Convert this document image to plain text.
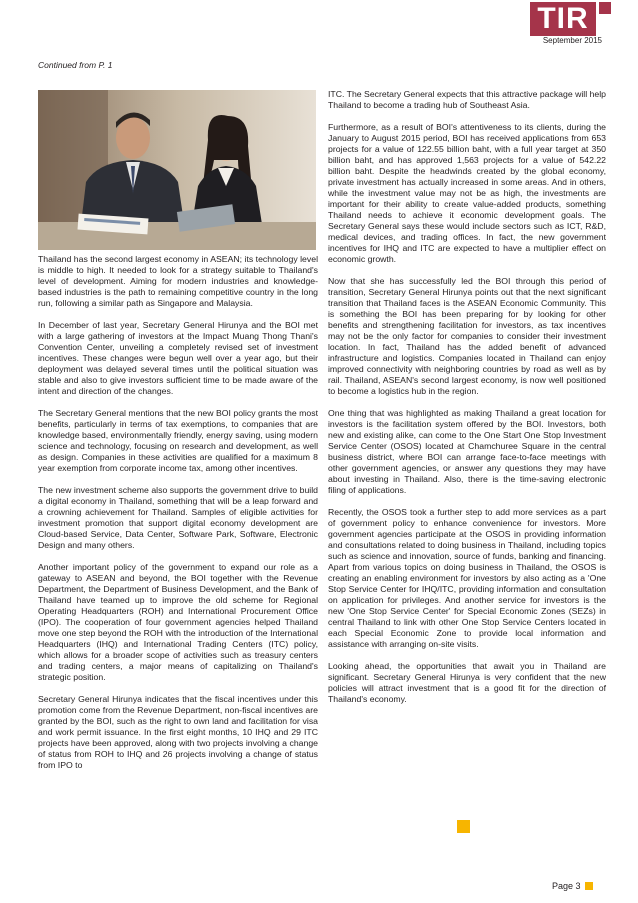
TIR
September 2015
Continued from P. 1

Thailand has the second largest economy in ASEAN; its technology level is middle to high. It needed to look for a strategy suitable to Thailand's level of development. Aiming for modern industries and knowledge-based industries is the path to remaining competitive country in the long run, following a similar path as Singapore and Malaysia.

In December of last year, Secretary General Hirunya and the BOI met with a large gathering of investors at the Impact Muang Thong Thani's Convention Center, unveiling a completely revised set of investment incentives. These changes were begun well over a year ago, but their deployment was delayed several times until the political situation was stable and also to give investors sufficient time to be made aware of the intent and direction of the changes.

The Secretary General mentions that the new BOI policy grants the most benefits, particularly in terms of tax exemptions, to companies that are knowledge based, environmentally friendly, energy saving, using modern science and technology, focusing on research and development, as well as design. Companies in these activities are qualified for a maximum 8 year exemption from corporate income tax, among other incentives.

The new investment scheme also supports the government drive to build a digital economy in Thailand, something that will be a leap forward and a crowning achievement for Thailand. Samples of eligible activities for investment promotion that support digital economy development are Cloud-based Service, Data Center, Software Park, Software, Electronic Design and many others.

Another important policy of the government to expand our role as a gateway to ASEAN and beyond, the BOI together with the Revenue Department, the Department of Business Development, and the Bank of Thailand have teamed up to improve the old scheme for Regional Operating Headquarters (ROH) and International Procurement Office (IPO). The cooperation of four government agencies helped Thailand move one step beyond the ROH with the introduction of the International Headquarters (IHQ) and International Trading Centers (ITC) policy, which allows for a broader scope of activities such as treasury centers and trading centers, a major means of capitalizing on Thailand's strategic position.

Secretary General Hirunya indicates that the fiscal incentives under this promotion come from the Revenue Department, non-fiscal incentives are granted by the BOI, such as the right to own land and facilitation for visa and work permit issuance. In the first eight months, 10 IHQ and 29 ITC projects have been approved, along with two projects involving a change of status from ROH to IHQ and 26 projects involving a change of status from IPO to

ITC. The Secretary General expects that this attractive package will help Thailand to become a trading hub of Southeast Asia.

Furthermore, as a result of BOI's attentiveness to its clients, during the January to August 2015 period, BOI has received applications from 653 projects for a value of 122.55 billion baht, with a full year target at 350 billion baht, and has approved 1,563 projects for a value of 542.22 billion baht. Despite the headwinds created by the global economy, private investment has actually increased in some areas. And in others, while the investment value may not be as high, the investments are important for their ability to create value-added products, something Thailand needs to achieve it economic development goals. The Secretary General says these would include sectors such as ICT, R&D, medical devices, and trading offices. In fact, the new government incentives for IHQ and ITC are expected to have a multiplier effect on economic growth.

Now that she has successfully led the BOI through this period of transition, Secretary General Hirunya points out that the next significant transition that Thailand faces is the ASEAN Economic Community. This is something the BOI has been preparing for by looking for other benefits and strengthening facilitation for investors, as tax incentives may not be the only factor for companies to consider their investment location. In fact, Thailand has the added benefit of advanced infrastructure and logistics. Companies located in Thailand can enjoy improved connectivity with neighboring countries by road as well as by rail. Thailand, ASEAN's second largest economy, is now well positioned to become a logistics hub in the region.

One thing that was highlighted as making Thailand a great location for investors is the facilitation system offered by the BOI. Investors, both new and existing alike, can come to the One Start One Stop Investment Service Center (OSOS) located at Chamchuree Square in the central business district, where BOI can arrange face-to-face meetings with other government agencies, or answer any questions they may have about investing in Thailand. Also, there is the time-saving electronic filing of applications.

Recently, the OSOS took a further step to add more services as a part of government policy to enhance convenience for investors. More government agencies participate at the OSOS in providing information and consultations related to doing business in Thailand, including topics such as science and innovation, source of funds, banking and financing. Apart from various topics on doing business in Thailand, the OSOS is creating an enabling environment for investors by also acting as a 'One Stop Service Center for IHQ/ITC, providing information and consultation on application for privileges. And another service for investors is the new 'One Stop Service Center' for Special Economic Zones (SEZs) in central Thailand to link with other One Stop Service Centers located in each Special Economic Zone to provide local information and assistance with arranging on-site visits.

Looking ahead, the opportunities that await you in Thailand are significant. Secretary General Hirunya is very confident that the new policies will attract investment that is a good fit for the direction of Thailand's economy.

Page 3
